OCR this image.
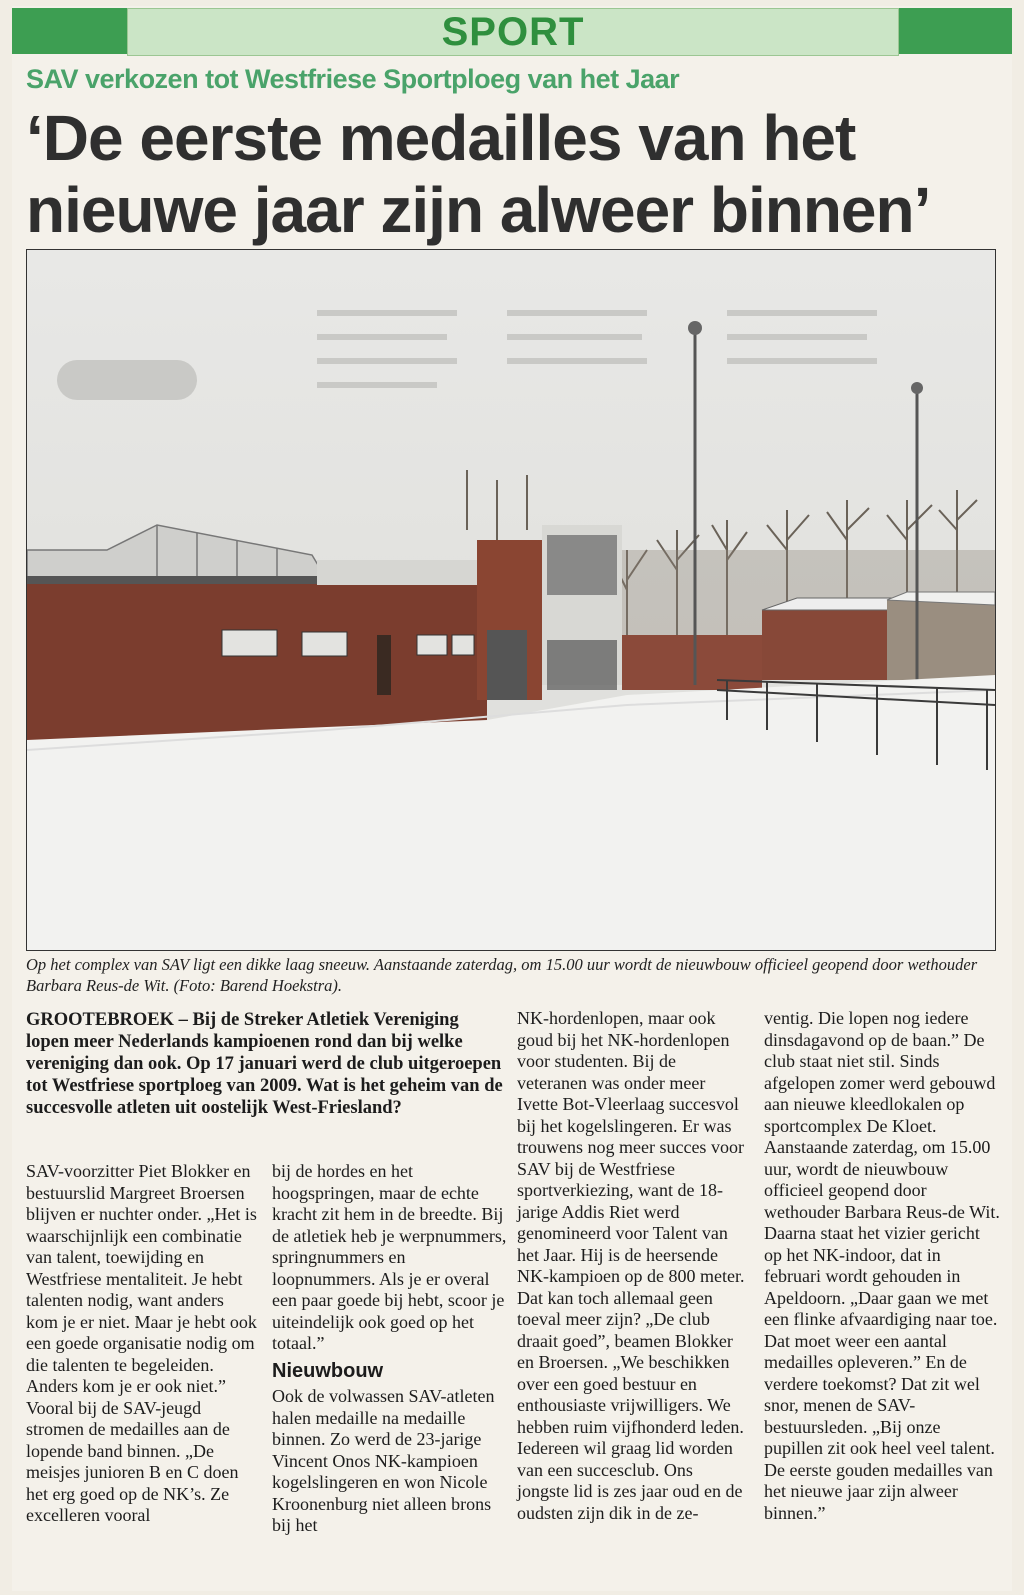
SPORT
SAV verkozen tot Westfriese Sportploeg van het Jaar
‘De eerste medailles van het nieuwe jaar zijn alweer binnen’
Op het complex van SAV ligt een dikke laag sneeuw. Aanstaande zaterdag, om 15.00 uur wordt de nieuwbouw officieel geopend door wethouder Barbara Reus-de Wit. (Foto: Barend Hoekstra).
GROOTEBROEK – Bij de Streker Atletiek Vereniging lopen meer Nederlands kampioenen rond dan bij welke vereniging dan ook. Op 17 januari werd de club uitgeroepen tot Westfriese sportploeg van 2009. Wat is het geheim van de succesvolle atleten uit oostelijk West-Friesland?

SAV-voorzitter Piet Blokker en bestuurslid Margreet Broersen blijven er nuchter onder. „Het is waarschijnlijk een combinatie van talent, toewijding en Westfriese mentaliteit. Je hebt talenten nodig, want anders kom je er niet. Maar je hebt ook een goede organisatie nodig om die talenten te begeleiden. Anders kom je er ook niet.” Vooral bij de SAV-jeugd stromen de medailles aan de lopende band binnen. „De meisjes junioren B en C doen het erg goed op de NK’s. Ze excelleren vooral

bij de hordes en het hoogspringen, maar de echte kracht zit hem in de breedte. Bij de atletiek heb je werpnummers, springnummers en loopnummers. Als je er overal een paar goede bij hebt, scoor je uiteindelijk ook goed op het totaal.”

Nieuwbouw

Ook de volwassen SAV-atleten halen medaille na medaille binnen. Zo werd de 23-jarige Vincent Onos NK-kampioen kogelslingeren en won Nicole Kroonenburg niet alleen brons bij het

NK-hordenlopen, maar ook goud bij het NK-hordenlopen voor studenten. Bij de veteranen was onder meer Ivette Bot-Vleerlaag succesvol bij het kogelslingeren. Er was trouwens nog meer succes voor SAV bij de Westfriese sportverkiezing, want de 18-jarige Addis Riet werd genomineerd voor Talent van het Jaar. Hij is de heersende NK-kampioen op de 800 meter. Dat kan toch allemaal geen toeval meer zijn? „De club draait goed”, beamen Blokker en Broersen. „We beschikken over een goed bestuur en enthousiaste vrijwilligers. We hebben ruim vijfhonderd leden. Iedereen wil graag lid worden van een succesclub. Ons jongste lid is zes jaar oud en de oudsten zijn dik in de ze-

ventig. Die lopen nog iedere dinsdagavond op de baan.” De club staat niet stil. Sinds afgelopen zomer werd gebouwd aan nieuwe kleedlokalen op sportcomplex De Kloet. Aanstaande zaterdag, om 15.00 uur, wordt de nieuwbouw officieel geopend door wethouder Barbara Reus-de Wit. Daarna staat het vizier gericht op het NK-indoor, dat in februari wordt gehouden in Apeldoorn. „Daar gaan we met een flinke afvaardiging naar toe. Dat moet weer een aantal medailles opleveren.” En de verdere toekomst? Dat zit wel snor, menen de SAV-bestuursleden. „Bij onze pupillen zit ook heel veel talent. De eerste gouden medailles van het nieuwe jaar zijn alweer binnen.”
